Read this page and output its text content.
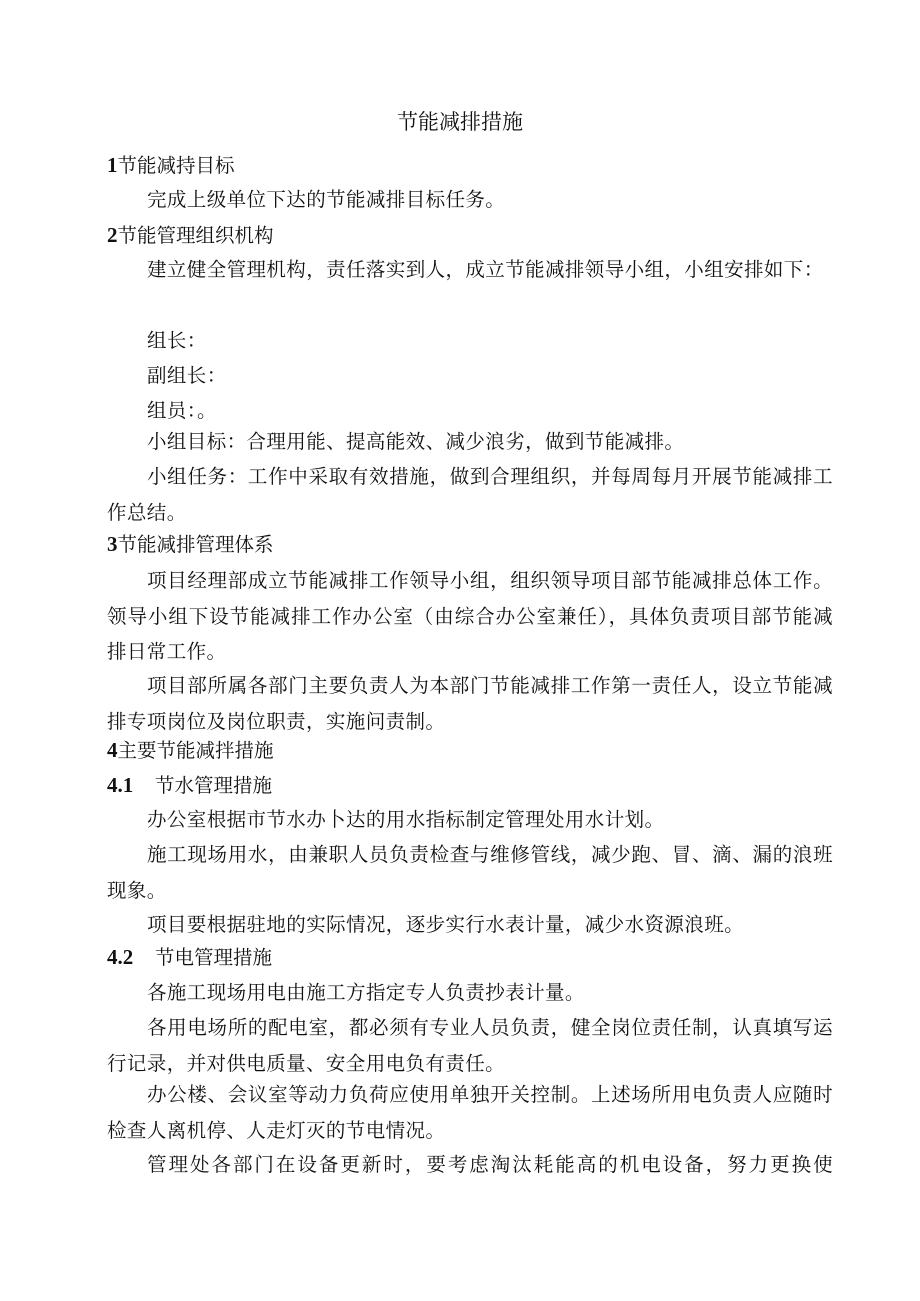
节能减排措施
1节能减持目标
完成上级单位下达的节能减排目标任务。
2节能管理组织机构
建立健全管理机构，责任落实到人，成立节能减排领导小组，小组安排如下：
组长：
副组长：
组员：。
小组目标：合理用能、提高能效、减少浪劣，做到节能减排。
小组任务：工作中采取有效措施，做到合理组织，并每周每月开展节能减排工作总结。
3节能减排管理体系
项目经理部成立节能减排工作领导小组，组织领导项目部节能减排总体工作。领导小组下设节能减排工作办公室（由综合办公室兼任），具体负责项目部节能减排日常工作。
项目部所属各部门主要负责人为本部门节能减排工作第一责任人，设立节能减排专项岗位及岗位职责，实施问责制。
4主要节能减拌措施
4.1 节水管理措施
办公室根据市节水办卜达的用水指标制定管理处用水计划。
施工现场用水，由兼职人员负责检查与维修管线，减少跑、冒、滴、漏的浪班现象。
项目要根据驻地的实际情况，逐步实行水表计量，减少水资源浪班。
4.2 节电管理措施
各施工现场用电由施工方指定专人负责抄表计量。
各用电场所的配电室，都必须有专业人员负责，健全岗位责任制，认真填写运行记录，并对供电质量、安全用电负有责任。
办公楼、会议室等动力负荷应使用单独开关控制。上述场所用电负责人应随时检查人离机停、人走灯灭的节电情况。
管理处各部门在设备更新时，要考虑淘汰耗能高的机电设备，努力更换使
